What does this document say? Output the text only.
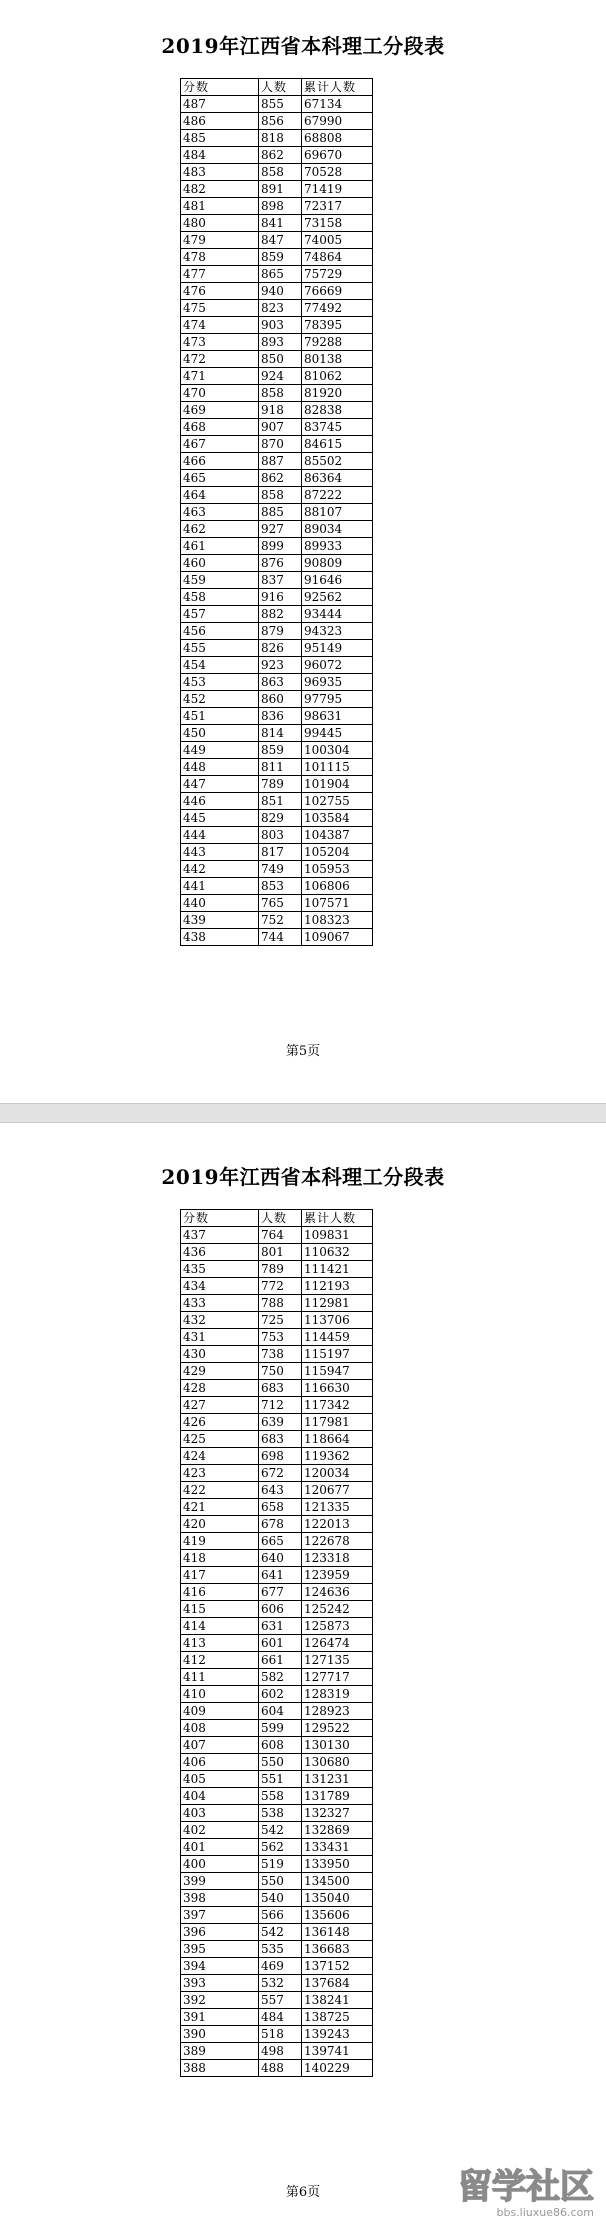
2019年江西省本科理工分段表
分数	人数	累计人数
487	855	67134
486	856	67990
485	818	68808
484	862	69670
483	858	70528
482	891	71419
481	898	72317
480	841	73158
479	847	74005
478	859	74864
477	865	75729
476	940	76669
475	823	77492
474	903	78395
473	893	79288
472	850	80138
471	924	81062
470	858	81920
469	918	82838
468	907	83745
467	870	84615
466	887	85502
465	862	86364
464	858	87222
463	885	88107
462	927	89034
461	899	89933
460	876	90809
459	837	91646
458	916	92562
457	882	93444
456	879	94323
455	826	95149
454	923	96072
453	863	96935
452	860	97795
451	836	98631
450	814	99445
449	859	100304
448	811	101115
447	789	101904
446	851	102755
445	829	103584
444	803	104387
443	817	105204
442	749	105953
441	853	106806
440	765	107571
439	752	108323
438	744	109067
第5页
2019年江西省本科理工分段表
分数	人数	累计人数
437	764	109831
436	801	110632
435	789	111421
434	772	112193
433	788	112981
432	725	113706
431	753	114459
430	738	115197
429	750	115947
428	683	116630
427	712	117342
426	639	117981
425	683	118664
424	698	119362
423	672	120034
422	643	120677
421	658	121335
420	678	122013
419	665	122678
418	640	123318
417	641	123959
416	677	124636
415	606	125242
414	631	125873
413	601	126474
412	661	127135
411	582	127717
410	602	128319
409	604	128923
408	599	129522
407	608	130130
406	550	130680
405	551	131231
404	558	131789
403	538	132327
402	542	132869
401	562	133431
400	519	133950
399	550	134500
398	540	135040
397	566	135606
396	542	136148
395	535	136683
394	469	137152
393	532	137684
392	557	138241
391	484	138725
390	518	139243
389	498	139741
388	488	140229
第6页	留学社区
bbs.liuxue86.com
